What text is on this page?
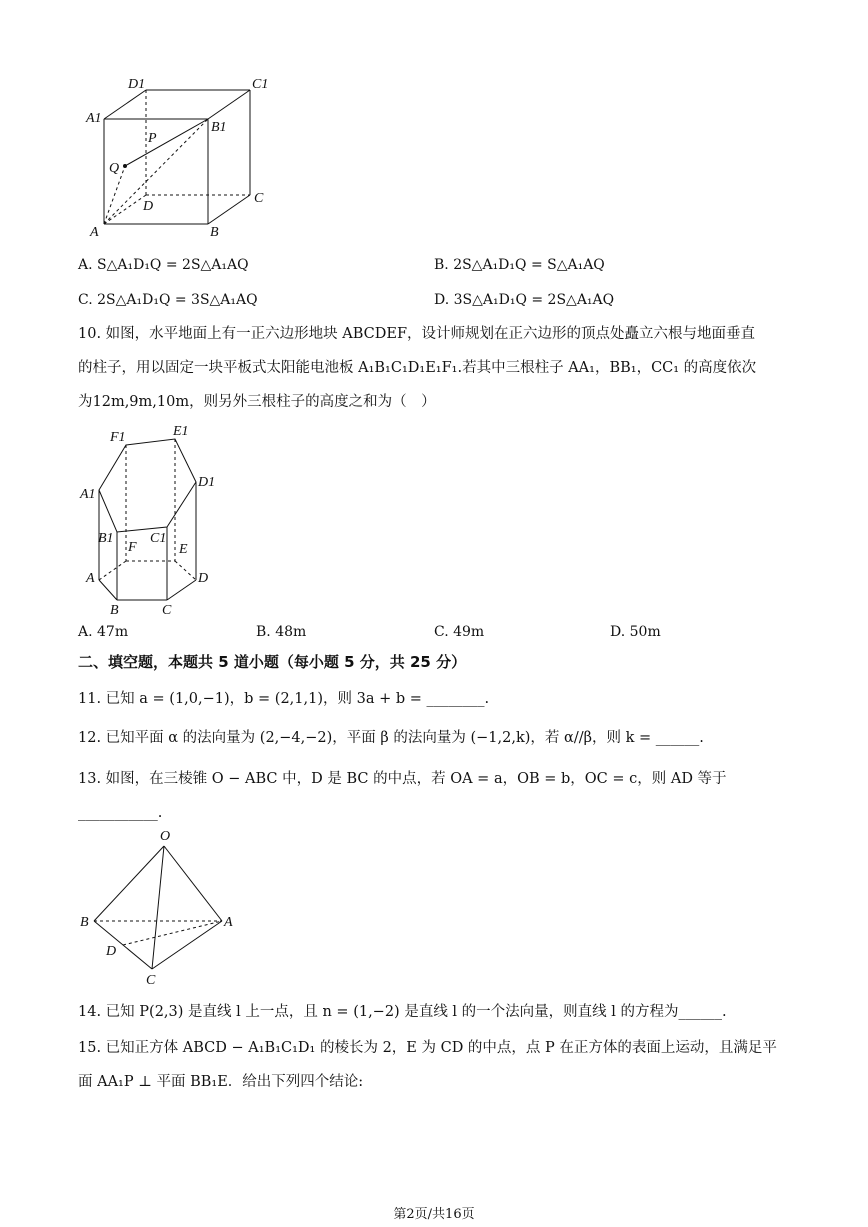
D1	C1
A1
B1
P
Q
D
C
A	B
A. S△A₁D₁Q = 2S△A₁AQ	B. 2S△A₁D₁Q = S△A₁AQ
C. 2S△A₁D₁Q = 3S△A₁AQ	D. 3S△A₁D₁Q = 2S△A₁AQ
10. 如图，水平地面上有一正六边形地块 ABCDEF，设计师规划在正六边形的顶点处矗立六根与地面垂直
的柱子，用以固定一块平板式太阳能电池板 A₁B₁C₁D₁E₁F₁.若其中三根柱子 AA₁，BB₁，CC₁ 的高度依次
为12m,9m,10m，则另外三根柱子的高度之和为（　）
F1	E1
A1
D1
B1	C1
F	E
A	D
B	C
A. 47m	B. 48m	C. 49m	D. 50m
二、填空题，本题共 5 道小题（每小题 5 分，共 25 分）
11. 已知 a = (1,0,−1)，b = (2,1,1)，则 3a + b = ________.
12. 已知平面 α 的法向量为 (2,−4,−2)，平面 β 的法向量为 (−1,2,k)，若 α//β，则 k = ______.
13. 如图，在三棱锥 O − ABC 中，D 是 BC 的中点，若 OA = a，OB = b，OC = c，则 AD 等于
___________.
O
B	A
D
C
14. 已知 P(2,3) 是直线 l 上一点，且 n = (1,−2) 是直线 l 的一个法向量，则直线 l 的方程为______.
15. 已知正方体 ABCD − A₁B₁C₁D₁ 的棱长为 2，E 为 CD 的中点，点 P 在正方体的表面上运动，且满足平
面 AA₁P ⊥ 平面 BB₁E．给出下列四个结论:
第2页/共16页
